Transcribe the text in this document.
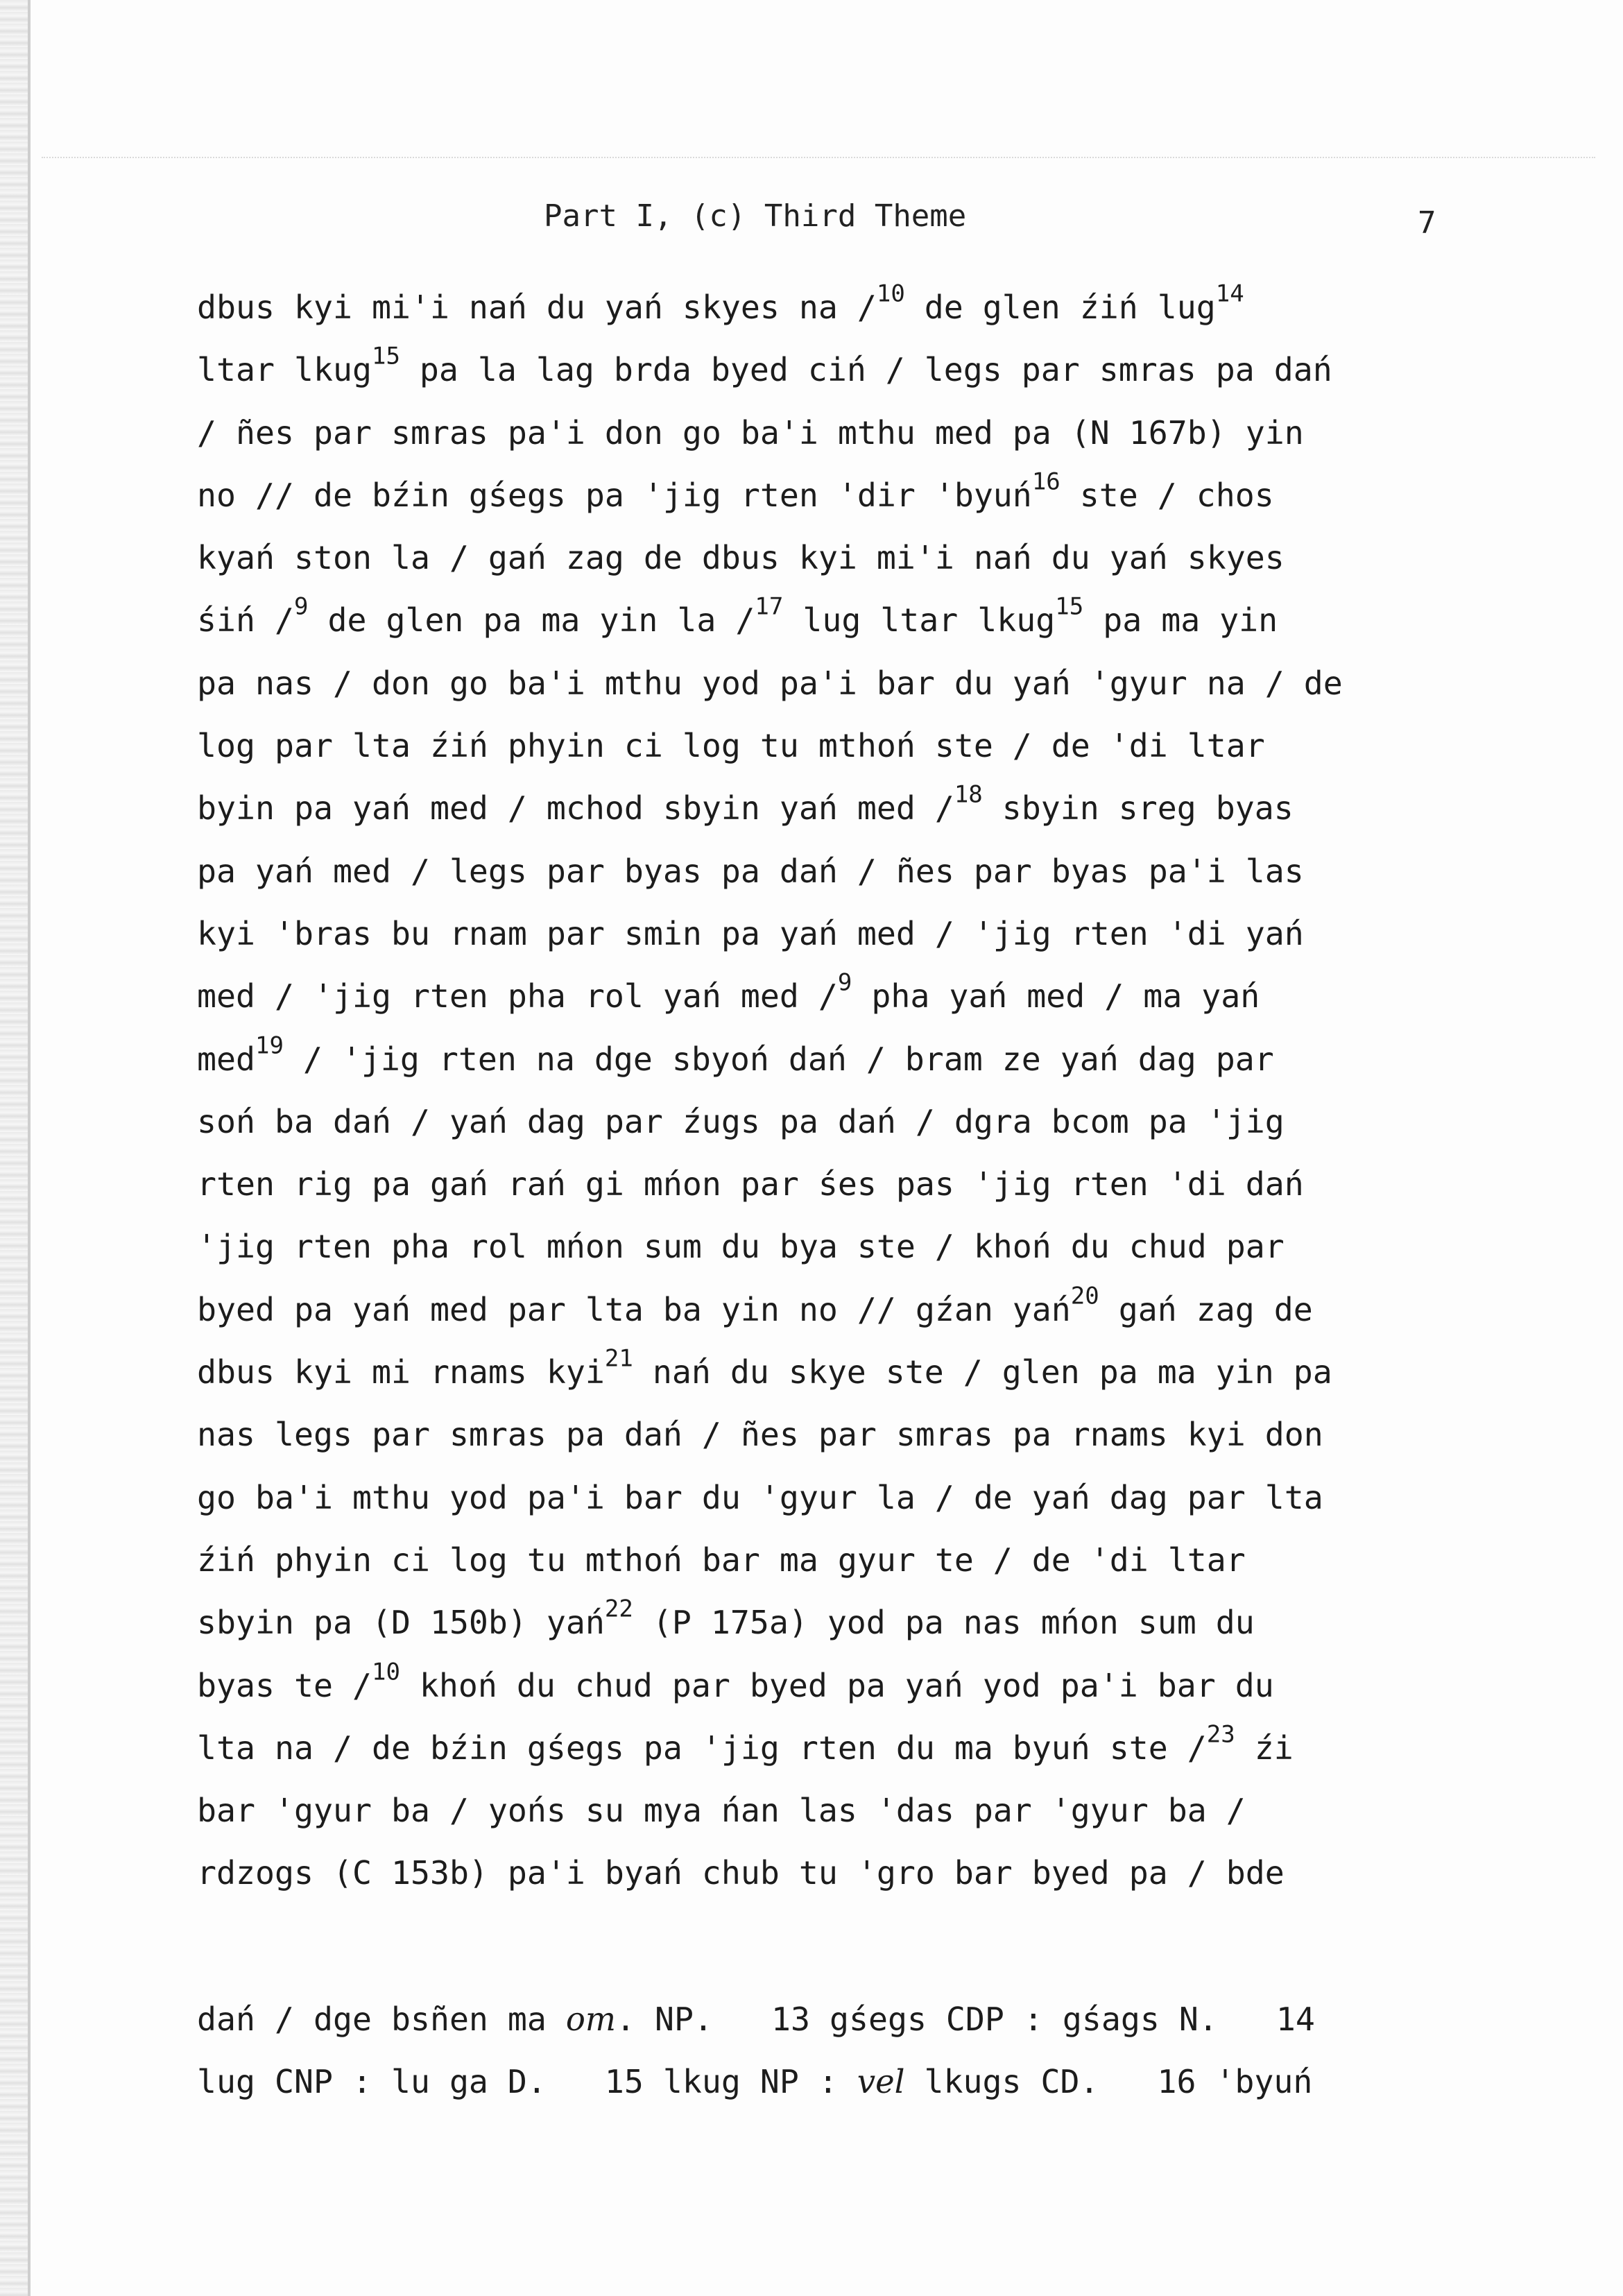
Part I, (c) Third Theme	7
dbus kyi mi'i nań du yań skyes na /$^{10}$ de glen źiń lug$^{14}$
ltar lkug$^{15}$ pa la lag brda byed ciń / legs par smras pa dań
/ ñes par smras pa'i don go ba'i mthu med pa (N 167b) yin
no // de bźin gśegs pa 'jig rten 'dir 'byuń$^{16}$ ste / chos
kyań ston la / gań zag de dbus kyi mi'i nań du yań skyes
śiń /$^9$ de glen pa ma yin la /$^{17}$ lug ltar lkug$^{15}$ pa ma yin
pa nas / don go ba'i mthu yod pa'i bar du yań 'gyur na / de
log par lta źiń phyin ci log tu mthoń ste / de 'di ltar
byin pa yań med / mchod sbyin yań med /$^{18}$ sbyin sreg byas
pa yań med / legs par byas pa dań / ñes par byas pa'i las
kyi 'bras bu rnam par smin pa yań med / 'jig rten 'di yań
med / 'jig rten pha rol yań med /$^9$ pha yań med / ma yań
med$^{19}$ / 'jig rten na dge sbyoń dań / bram ze yań dag par
soń ba dań / yań dag par źugs pa dań / dgra bcom pa 'jig
rten rig pa gań rań gi mńon par śes pas 'jig rten 'di dań
'jig rten pha rol mńon sum du bya ste / khoń du chud par
byed pa yań med par lta ba yin no // gźan yań$^{20}$ gań zag de
dbus kyi mi rnams kyi$^{21}$ nań du skye ste / glen pa ma yin pa
nas legs par smras pa dań / ñes par smras pa rnams kyi don
go ba'i mthu yod pa'i bar du 'gyur la / de yań dag par lta
źiń phyin ci log tu mthoń bar ma gyur te / de 'di ltar
sbyin pa (D 150b) yań$^{22}$ (P 175a) yod pa nas mńon sum du
byas te /$^{10}$ khoń du chud par byed pa yań yod pa'i bar du
lta na / de bźin gśegs pa 'jig rten du ma byuń ste /$^{23}$ źi
bar 'gyur ba / yońs su mya ńan las 'das par 'gyur ba /
rdzogs (C 153b) pa'i byań chub tu 'gro bar byed pa / bde
dań / dge bsñen ma om. NP.   13 gśegs CDP : gśags N.   14
lug CNP : lu ga D.   15 lkug NP : vel lkugs CD.   16 'byuń
